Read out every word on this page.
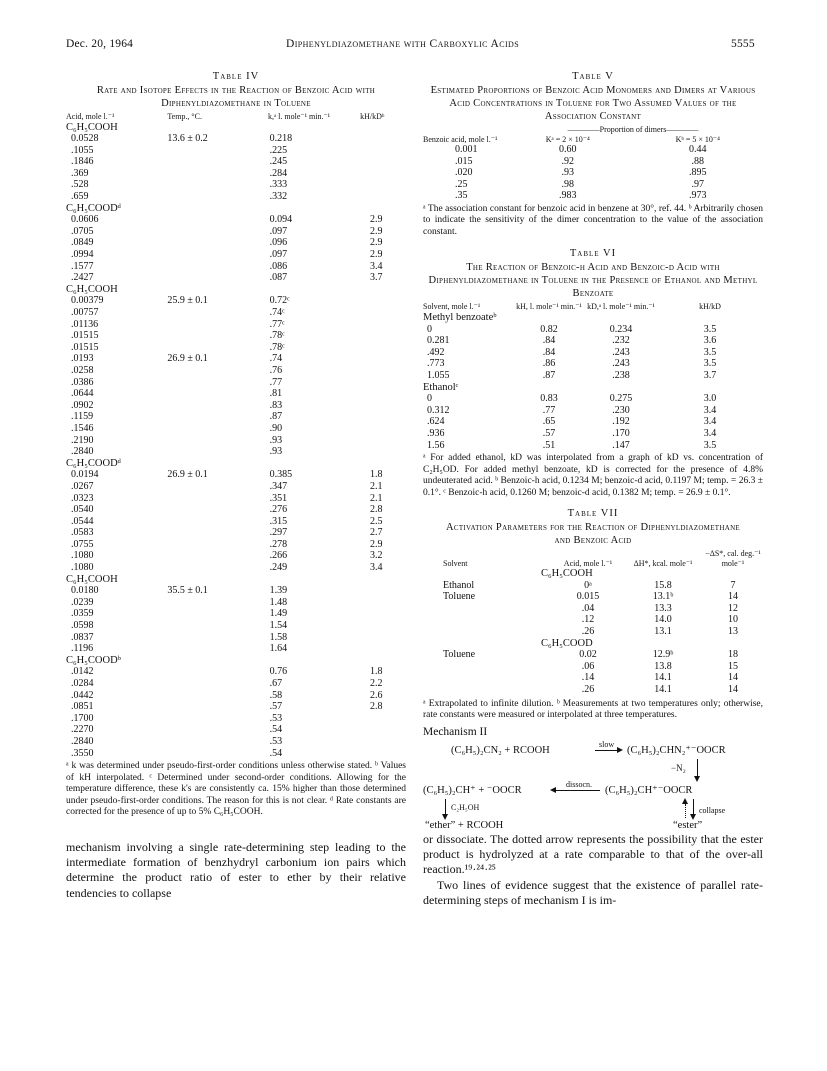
Dec. 20, 1964	Diphenyldiazomethane with Carboxylic Acids	5555
Table IV
Rate and Isotope Effects in the Reaction of Benzoic Acid with Diphenyldiazomethane in Toluene
Acid, mole l.⁻¹	Temp., °C.	k,ᵃ l. mole⁻¹ min.⁻¹	kH/kDᵇ
C₆H₅COOH			
0.0528	13.6 ± 0.2	0.218	
.1055		.225	
.1846		.245	
.369		.284	
.528		.333	
.659		.332	
C₆H₅COODᵈ			
0.0606		0.094	2.9
.0705		.097	2.9
.0849		.096	2.9
.0994		.097	2.9
.1577		.086	3.4
.2427		.087	3.7
C₆H₅COOH			
0.00379	25.9 ± 0.1	0.72ᶜ	
.00757		.74ᶜ	
.01136		.77ᶜ	
.01515		.78ᶜ	
.01515		.78ᶜ	
.0193	26.9 ± 0.1	.74	
.0258		.76	
.0386		.77	
.0644		.81	
.0902		.83	
.1159		.87	
.1546		.90	
.2190		.93	
.2840		.93	
C₆H₅COODᵈ			
0.0194	26.9 ± 0.1	0.385	1.8
.0267		.347	2.1
.0323		.351	2.1
.0540		.276	2.8
.0544		.315	2.5
.0583		.297	2.7
.0755		.278	2.9
.1080		.266	3.2
.1080		.249	3.4
C₆H₅COOH			
0.0180	35.5 ± 0.1	1.39	
.0239		1.48	
.0359		1.49	
.0598		1.54	
.0837		1.58	
.1196		1.64	
C₆H₅COODᵇ			
.0142		0.76	1.8
.0284		.67	2.2
.0442		.58	2.6
.0851		.57	2.8
.1700		.53	
.2270		.54	
.2840		.53	
.3550		.54	
ᵃ k was determined under pseudo-first-order conditions unless otherwise stated. ᵇ Values of kH interpolated. ᶜ Determined under second-order conditions. Allowing for the temperature difference, these k's are consistently ca. 15% higher than those determined under pseudo-first-order conditions. The reason for this is not clear. ᵈ Rate constants are corrected for the presence of up to 5% C₆H₅COOH.
mechanism involving a single rate-determining step leading to the intermediate formation of benzhydryl carbonium ion pairs which determine the product ratio of ester to ether by their relative tendencies to collapse
Table V
Estimated Proportions of Benzoic Acid Monomers and Dimers at Various Acid Concentrations in Toluene for Two Assumed Values of the Association Constant
Benzoic acid, mole l.⁻¹	————Proportion of dimers————	
	Kᵃ = 2 × 10⁻⁴	Kᵇ = 5 × 10⁻⁴
0.001	0.60	0.44
.015	.92	.88
.020	.93	.895
.25	.98	.97
.35	.983	.973
ᵃ The association constant for benzoic acid in benzene at 30°, ref. 44. ᵇ Arbitrarily chosen to indicate the sensitivity of the dimer concentration to the value of the association constant.
Table VI
The Reaction of Benzoic-h Acid and Benzoic-d Acid with Diphenyldiazomethane in Toluene in the Presence of Ethanol and Methyl Benzoate
Solvent, mole l.⁻¹	kH, l. mole⁻¹ min.⁻¹	kD,ᵃ l. mole⁻¹ min.⁻¹	kH/kD
Methyl benzoateᵇ			
0	0.82	0.234	3.5
0.281	.84	.232	3.6
.492	.84	.243	3.5
.773	.86	.243	3.5
1.055	.87	.238	3.7
Ethanolᶜ			
0	0.83	0.275	3.0
0.312	.77	.230	3.4
.624	.65	.192	3.4
.936	.57	.170	3.4
1.56	.51	.147	3.5
ᵃ For added ethanol, kD was interpolated from a graph of kD vs. concentration of C₂H₅OD. For added methyl benzoate, kD is corrected for the presence of 4.8% undeuterated acid. ᵇ Benzoic-h acid, 0.1234 M; benzoic-d acid, 0.1197 M; temp. = 26.3 ± 0.1°. ᶜ Benzoic-h acid, 0.1260 M; benzoic-d acid, 0.1382 M; temp. = 26.9 ± 0.1°.
Table VII
Activation Parameters for the Reaction of Diphenyldiazomethane and Benzoic Acid
Solvent	Acid, mole l.⁻¹	ΔH*, kcal. mole⁻¹	−ΔS*, cal. deg.⁻¹ mole⁻¹
C₆H₅COOH			
Ethanol	0ᵃ	15.8	7
Toluene	0.015	13.1ᵇ	14
	.04	13.3	12
	.12	14.0	10
	.26	13.1	13
C₆H₅COOD			
Toluene	0.02	12.9ᵇ	18
	.06	13.8	15
	.14	14.1	14
	.26	14.1	14
ᵃ Extrapolated to infinite dilution. ᵇ Measurements at two temperatures only; otherwise, rate constants were measured or interpolated at three temperatures.
Mechanism II
slow
(C₆H₅)₂CN₂ + RCOOH	(C₆H₅)₂CHN₂⁺⁻OOCR
−N₂
dissocn.
(C₆H₅)₂CH⁺ + ⁻OOCR	(C₆H₅)₂CH⁺⁻OOCR
C₂H₅OH	collapse
“ether” + RCOOH	“ester”
or dissociate. The dotted arrow represents the possibility that the ester product is hydrolyzed at a rate comparable to that of the over-all reaction.¹⁹·²⁴·²⁵
Two lines of evidence suggest that the existence of parallel rate-determining steps of mechanism I is im-
